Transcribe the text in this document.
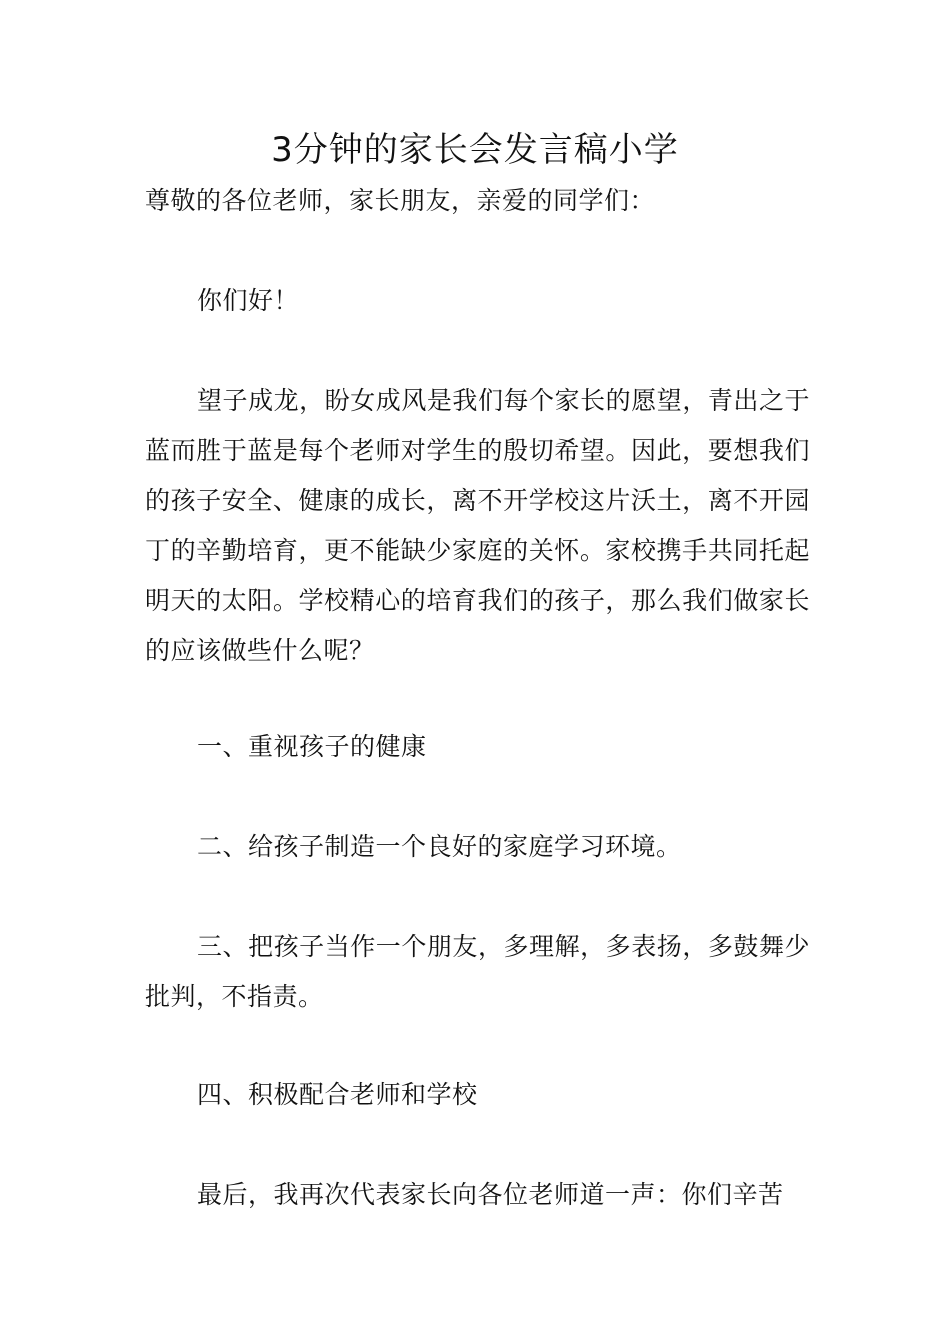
3分钟的家长会发言稿小学

尊敬的各位老师，家长朋友，亲爱的同学们：

你们好！

望子成龙，盼女成风是我们每个家长的愿望，青出之于蓝而胜于蓝是每个老师对学生的殷切希望。因此，要想我们的孩子安全、健康的成长，离不开学校这片沃土，离不开园丁的辛勤培育，更不能缺少家庭的关怀。家校携手共同托起明天的太阳。学校精心的培育我们的孩子，那么我们做家长的应该做些什么呢？

一、重视孩子的健康

二、给孩子制造一个良好的家庭学习环境。

三、把孩子当作一个朋友，多理解，多表扬，多鼓舞少批判，不指责。

四、积极配合老师和学校

最后，我再次代表家长向各位老师道一声：你们辛苦
